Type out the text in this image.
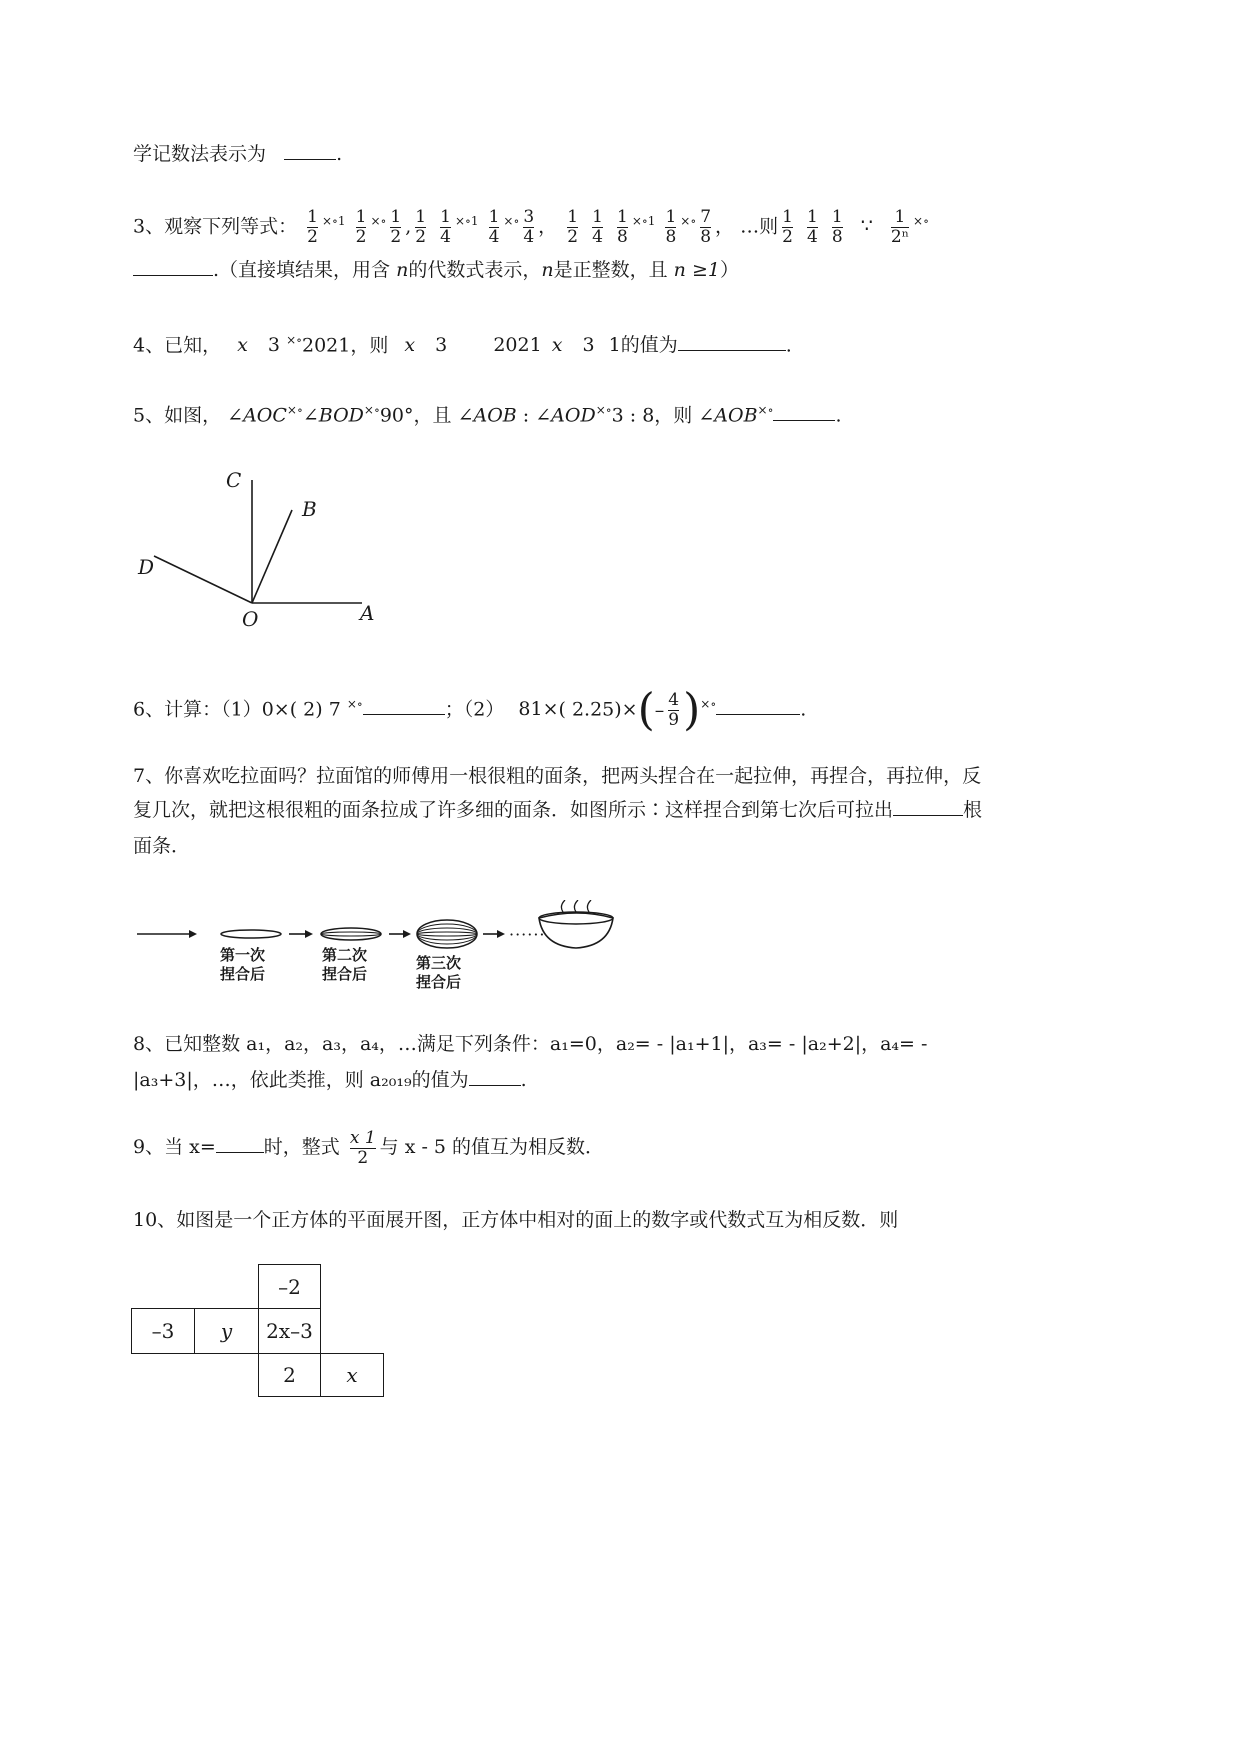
学记数法表示为	.
3、观察下列等式： $\frac{1}{2} ^{\times\circ 1} \frac{1}{2} ^{\times\circ} \frac{1}{2}$ , $\frac{1}{2}$
$\frac{1}{4} ^{\times\circ 1} \frac{1}{4} ^{\times\circ} \frac{3}{4}$ ， $\frac{1}{2}$
$\frac{1}{4}$
$\frac{1}{8} ^{\times\circ 1} \frac{1}{8} ^{\times\circ} \frac{7}{8}$ ， …则 $\frac{1}{2}$
$\frac{1}{4}$
$\frac{1}{8}$ ∵ $\frac{1}{\text{2ⁿ}} ^{\times\circ}$
.（直接填结果，用含 n的代数式表示，n是正整数，且 n ≥1）
4、已知， x 3 ×∘2021，则 x 3 2021 x 3 1的值为	.
5、如图， ∠AOC×∘∠BOD×∘90°，且 ∠AOB : ∠AOD×∘3 : 8，则 ∠AOB×∘	.
C
B
D
O	A
6、计算：（1）0×( 2) 7 ×∘	；（2） 81×( $2.25)\times(- \frac{4}{9} )^{\times\circ}$	.
7、你喜欢吃拉面吗？拉面馆的师傅用一根很粗的面条，把两头捏合在一起拉伸，再捏合，再拉伸，反
复几次，就把这根很粗的面条拉成了许多细的面条．如图所示∶这样捏合到第七次后可拉出	根
面条．
······
第一次
捏合后
第二次
捏合后
第三次
捏合后
8、已知整数 a₁，a₂，a₃，a₄，…满足下列条件：a₁=0，a₂= - |a₁+1|，a₃= - |a₂+2|，a₄= -
|a₃+3|，…，依此类推，则 a₂₀₁₉的值为	.
9、当 x=	时，整式 $\frac{x 1}{2}$ 与 x - 5 的值互为相反数．
10、如图是一个正方体的平面展开图，正方体中相对的面上的数字或代数式互为相反数．则
–2
–3	y	2x–3
2	x
